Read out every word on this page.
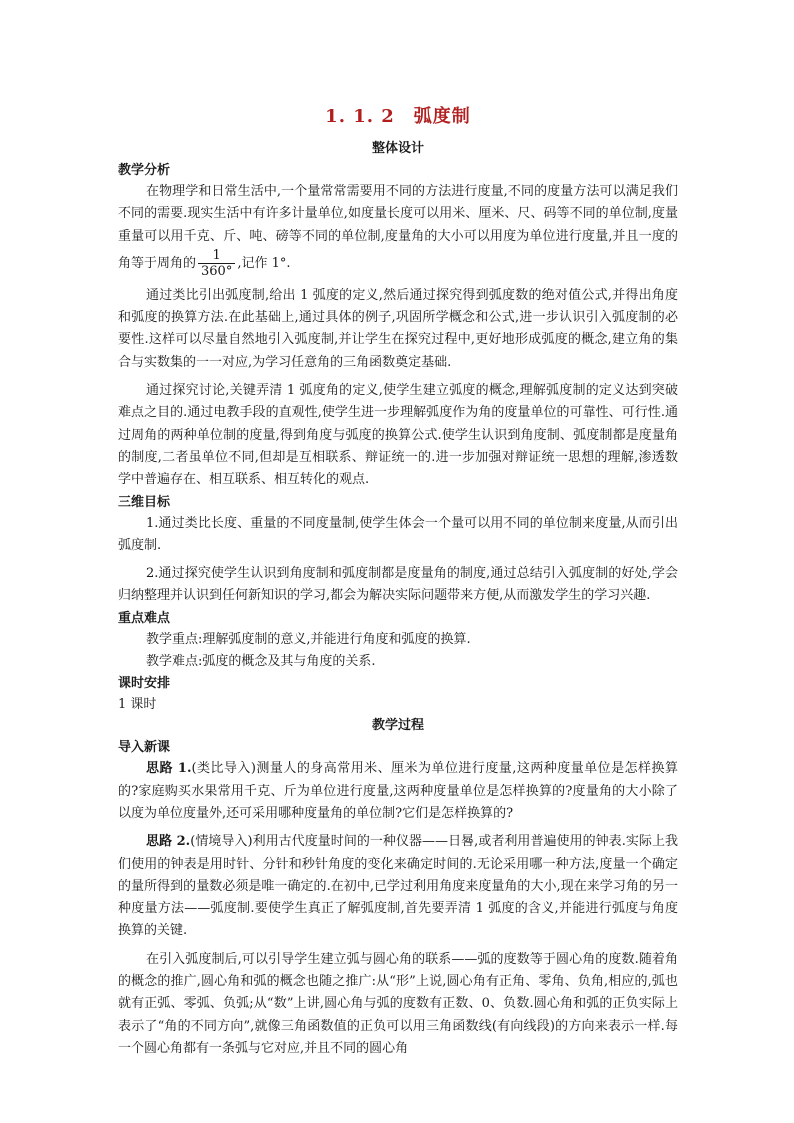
1. 1. 2　弧度制
整体设计
教学分析

在物理学和日常生活中,一个量常常需要用不同的方法进行度量,不同的度量方法可以满足我们不同的需要.现实生活中有许多计量单位,如度量长度可以用米、厘米、尺、码等不同的单位制,度量重量可以用千克、斤、吨、磅等不同的单位制,度量角的大小可以用度为单位进行度量,并且一度的角等于周角的 $\frac{1}{360^\circ}$ ,记作 1°.

通过类比引出弧度制,给出 1 弧度的定义,然后通过探究得到弧度数的绝对值公式,并得出角度和弧度的换算方法.在此基础上,通过具体的例子,巩固所学概念和公式,进一步认识引入弧度制的必要性.这样可以尽量自然地引入弧度制,并让学生在探究过程中,更好地形成弧度的概念,建立角的集合与实数集的一一对应,为学习任意角的三角函数奠定基础.

通过探究讨论,关键弄清 1 弧度角的定义,使学生建立弧度的概念,理解弧度制的定义达到突破难点之目的.通过电教手段的直观性,使学生进一步理解弧度作为角的度量单位的可靠性、可行性.通过周角的两种单位制的度量,得到角度与弧度的换算公式.使学生认识到角度制、弧度制都是度量角的制度,二者虽单位不同,但却是互相联系、辩证统一的.进一步加强对辩证统一思想的理解,渗透数学中普遍存在、相互联系、相互转化的观点.

三维目标

1.通过类比长度、重量的不同度量制,使学生体会一个量可以用不同的单位制来度量,从而引出弧度制.

2.通过探究使学生认识到角度制和弧度制都是度量角的制度,通过总结引入弧度制的好处,学会归纳整理并认识到任何新知识的学习,都会为解决实际问题带来方便,从而激发学生的学习兴趣.

重点难点

教学重点:理解弧度制的意义,并能进行角度和弧度的换算.

教学难点:弧度的概念及其与角度的关系.

课时安排
1 课时
教学过程
导入新课

思路 1.(类比导入)测量人的身高常用米、厘米为单位进行度量,这两种度量单位是怎样换算的?家庭购买水果常用千克、斤为单位进行度量,这两种度量单位是怎样换算的?度量角的大小除了以度为单位度量外,还可采用哪种度量角的单位制?它们是怎样换算的?

思路 2.(情境导入)利用古代度量时间的一种仪器——日晷,或者利用普遍使用的钟表.实际上我们使用的钟表是用时针、分针和秒针角度的变化来确定时间的.无论采用哪一种方法,度量一个确定的量所得到的量数必须是唯一确定的.在初中,已学过利用角度来度量角的大小,现在来学习角的另一种度量方法——弧度制.要使学生真正了解弧度制,首先要弄清 1 弧度的含义,并能进行弧度与角度换算的关键.

在引入弧度制后,可以引导学生建立弧与圆心角的联系——弧的度数等于圆心角的度数.随着角的概念的推广,圆心角和弧的概念也随之推广:从“形”上说,圆心角有正角、零角、负角,相应的,弧也就有正弧、零弧、负弧;从“数”上讲,圆心角与弧的度数有正数、0、负数.圆心角和弧的正负实际上表示了“角的不同方向”,就像三角函数值的正负可以用三角函数线(有向线段)的方向来表示一样.每一个圆心角都有一条弧与它对应,并且不同的圆心角
